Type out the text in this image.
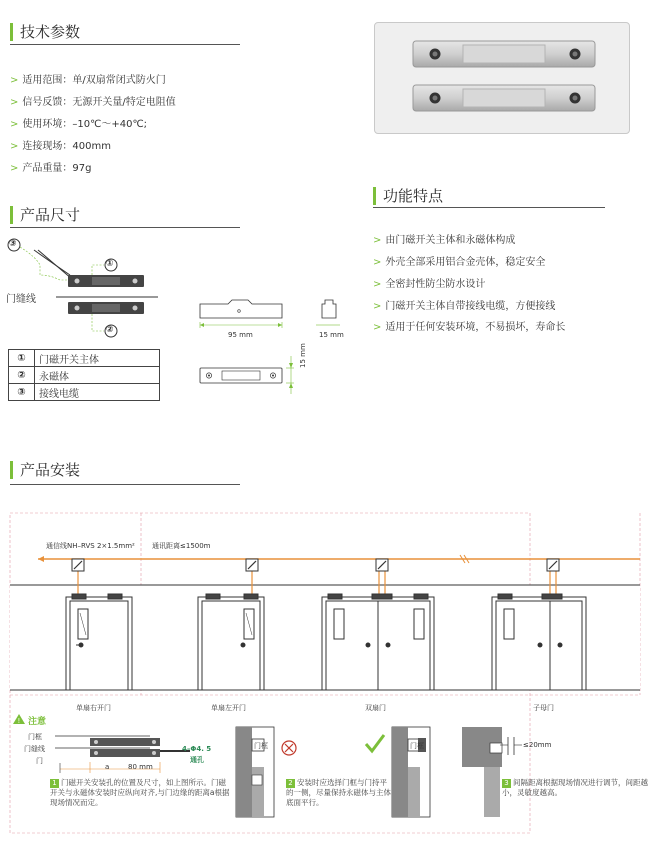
技术参数
> 适用范围：单/双扇常闭式防火门
> 信号反馈：无源开关量/特定电阻值
> 使用环境：–10℃～+40℃;
> 连接现场：400mm
> 产品重量：97g
功能特点
> 由门磁开关主体和永磁体构成
> 外壳全部采用铝合金壳体，稳定安全
> 全密封性防尘防水设计
> 门磁开关主体自带接线电缆，方便接线
> 适用于任何安装环境，不易损坏，寿命长
产品尺寸
③
①
②
门缝线
95 mm	15 mm
15 mm
①	门磁开关主体
②	永磁体
③	接线电缆
产品安装
!
通信线NH–RVS 2×1.5mm² 通讯距离≤1500m
单扇右开门	单扇左开门	双扇门	子母门
注意
门框
门缝线
门
a	80 mm
4–Φ4. 5
通孔
门框	门框	≤20mm
1 门磁开关安装孔的位置及尺寸，如上图所示。门磁开关与永磁体安装时应纵向对齐,与门边缘的距离a根据现场情况而定。
2 安装时应选择门框与门持平的一侧，尽量保持永磁体与主体底面平行。
3 间隔距离根据现场情况进行调节，间距越小，灵敏度越高。
